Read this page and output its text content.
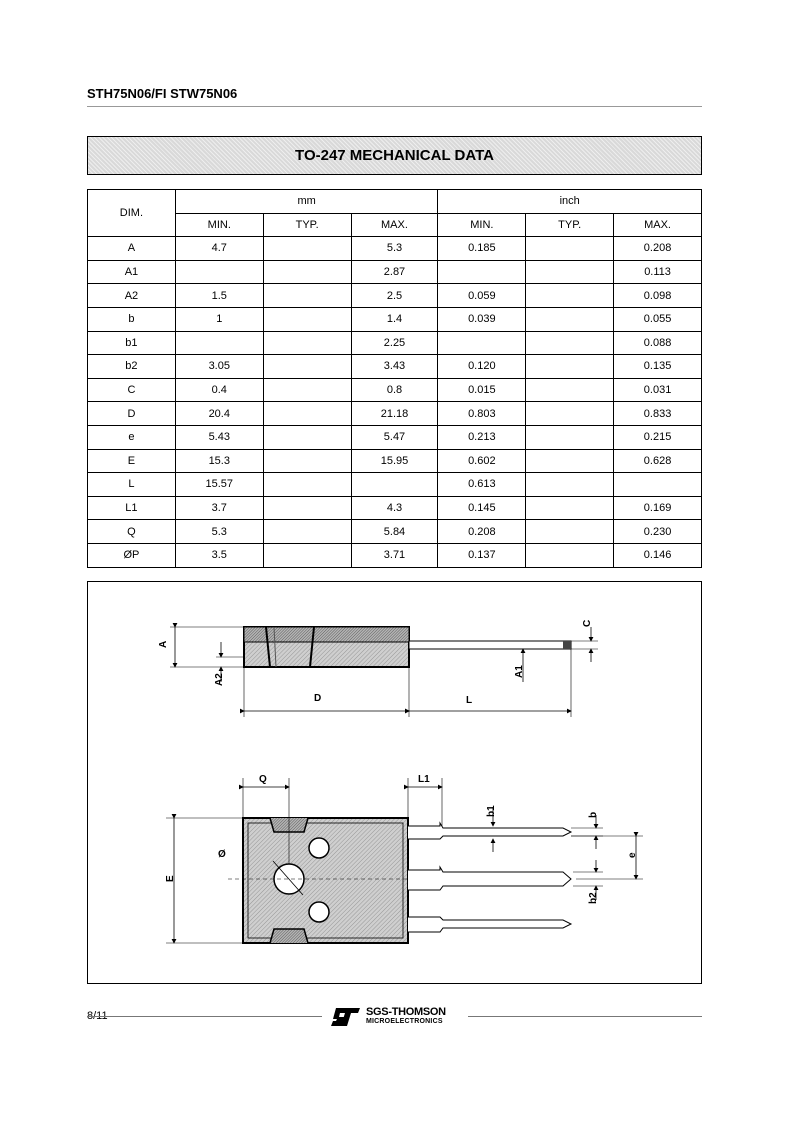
STH75N06/FI STW75N06
TO-247 MECHANICAL DATA
DIM.	mm			inch		
	MIN.	TYP.	MAX.	MIN.	TYP.	MAX.
A	4.7		5.3	0.185		0.208
A1			2.87			0.113
A2	1.5		2.5	0.059		0.098
b	1		1.4	0.039		0.055
b1			2.25			0.088
b2	3.05		3.43	0.120		0.135
C	0.4		0.8	0.015		0.031
D	20.4		21.18	0.803		0.833
e	5.43		5.47	0.213		0.215
E	15.3		15.95	0.602		0.628
L	15.57			0.613		
L1	3.7		4.3	0.145		0.169
Q	5.3		5.84	0.208		0.230
ØP	3.5		3.71	0.137		0.146
A
A2
A1
C
D	L
Q	L1
b1	b
e
b2
E
Ø
8/11	SGS-THOMSON
MICROELECTRONICS
